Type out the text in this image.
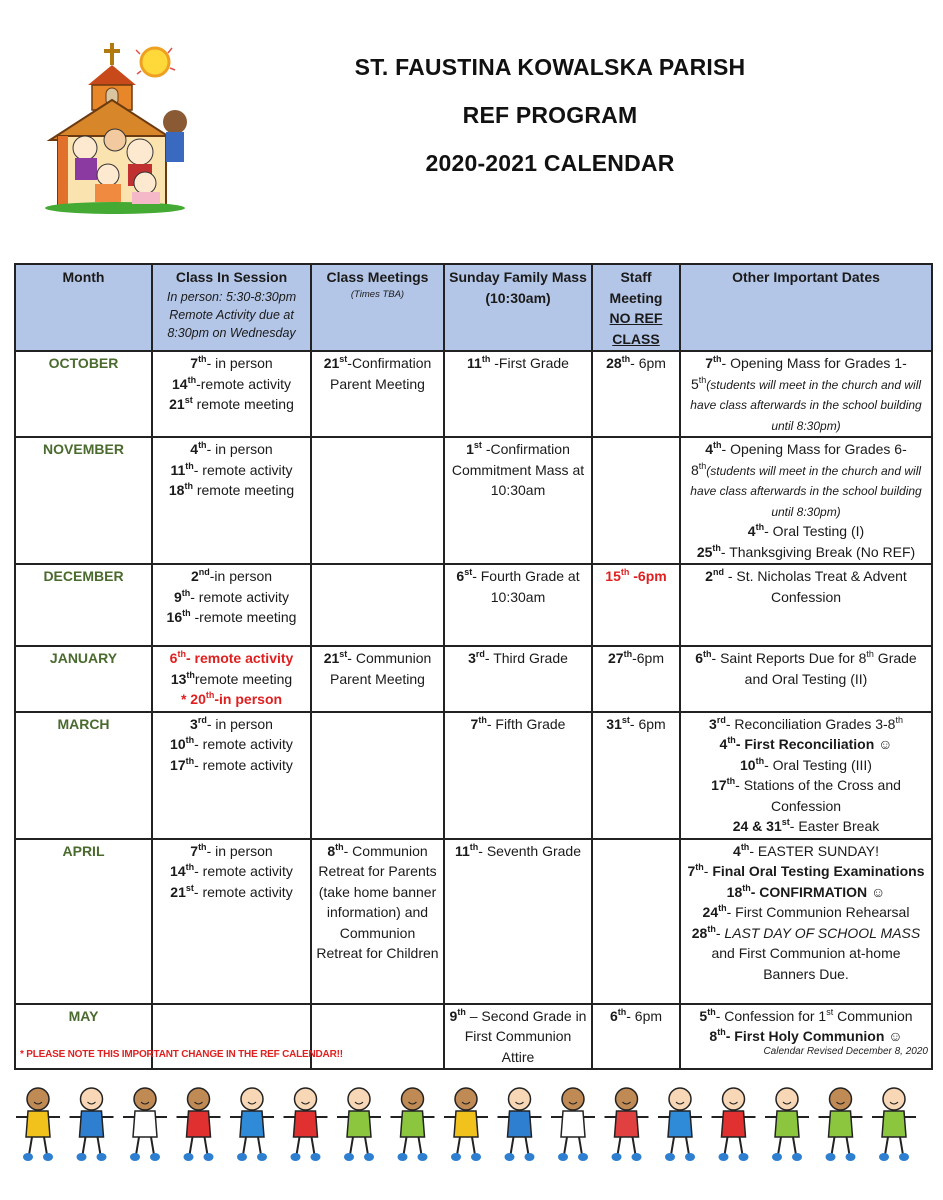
ST. FAUSTINA KOWALSKA PARISH
REF PROGRAM
2020-2021 CALENDAR
Month	Class In Session
In person: 5:30-8:30pm
Remote Activity due at 8:30pm on Wednesday	Class Meetings
(Times TBA)	Sunday Family Mass (10:30am)	Staff Meeting
NO REF CLASS	Other Important Dates
OCTOBER	7th- in person
14th-remote activity
21st remote meeting	21st-Confirmation Parent Meeting	11th -First Grade	28th- 6pm	7th- Opening Mass for Grades 1-5th(students will meet in the church and will have class afterwards in the school building until 8:30pm)

NOVEMBER	4th- in person
11th- remote activity
18th remote meeting		1st -Confirmation Commitment Mass at 10:30am		4th- Opening Mass for Grades 6-8th(students will meet in the church and will have class afterwards in the school building until 8:30pm)
4th- Oral Testing (I)
25th- Thanksgiving Break (No REF)

DECEMBER	2nd-in person
9th- remote activity
16th -remote meeting		6st- Fourth Grade at 10:30am	15th -6pm	2nd - St. Nicholas Treat & Advent Confession

JANUARY	6th- remote activity
13thremote meeting
* 20th-in person	21st- Communion Parent Meeting	3rd- Third Grade	27th-6pm	6th- Saint Reports Due for 8th Grade and Oral Testing (II)

MARCH	3rd- in person
10th- remote activity
17th- remote activity		7th- Fifth Grade	31st- 6pm	3rd- Reconciliation Grades 3-8th
4th- First Reconciliation ☺
10th- Oral Testing (III)
17th- Stations of the Cross and Confession
24 & 31st- Easter Break

APRIL	7th- in person
14th- remote activity
21st- remote activity	8th- Communion Retreat for Parents (take home banner information) and Communion Retreat for Children	11th- Seventh Grade		4th- EASTER SUNDAY!
7th- Final Oral Testing Examinations
18th- CONFIRMATION ☺
24th- First Communion Rehearsal
28th- LAST DAY OF SCHOOL MASS and First Communion at-home Banners Due.

MAY			9th – Second Grade in First Communion Attire	6th- 6pm	5th- Confession for 1st Communion
8th- First Holy Communion ☺
* PLEASE NOTE THIS IMPORTANT CHANGE IN THE REF CALENDAR!!	Calendar Revised December 8, 2020
